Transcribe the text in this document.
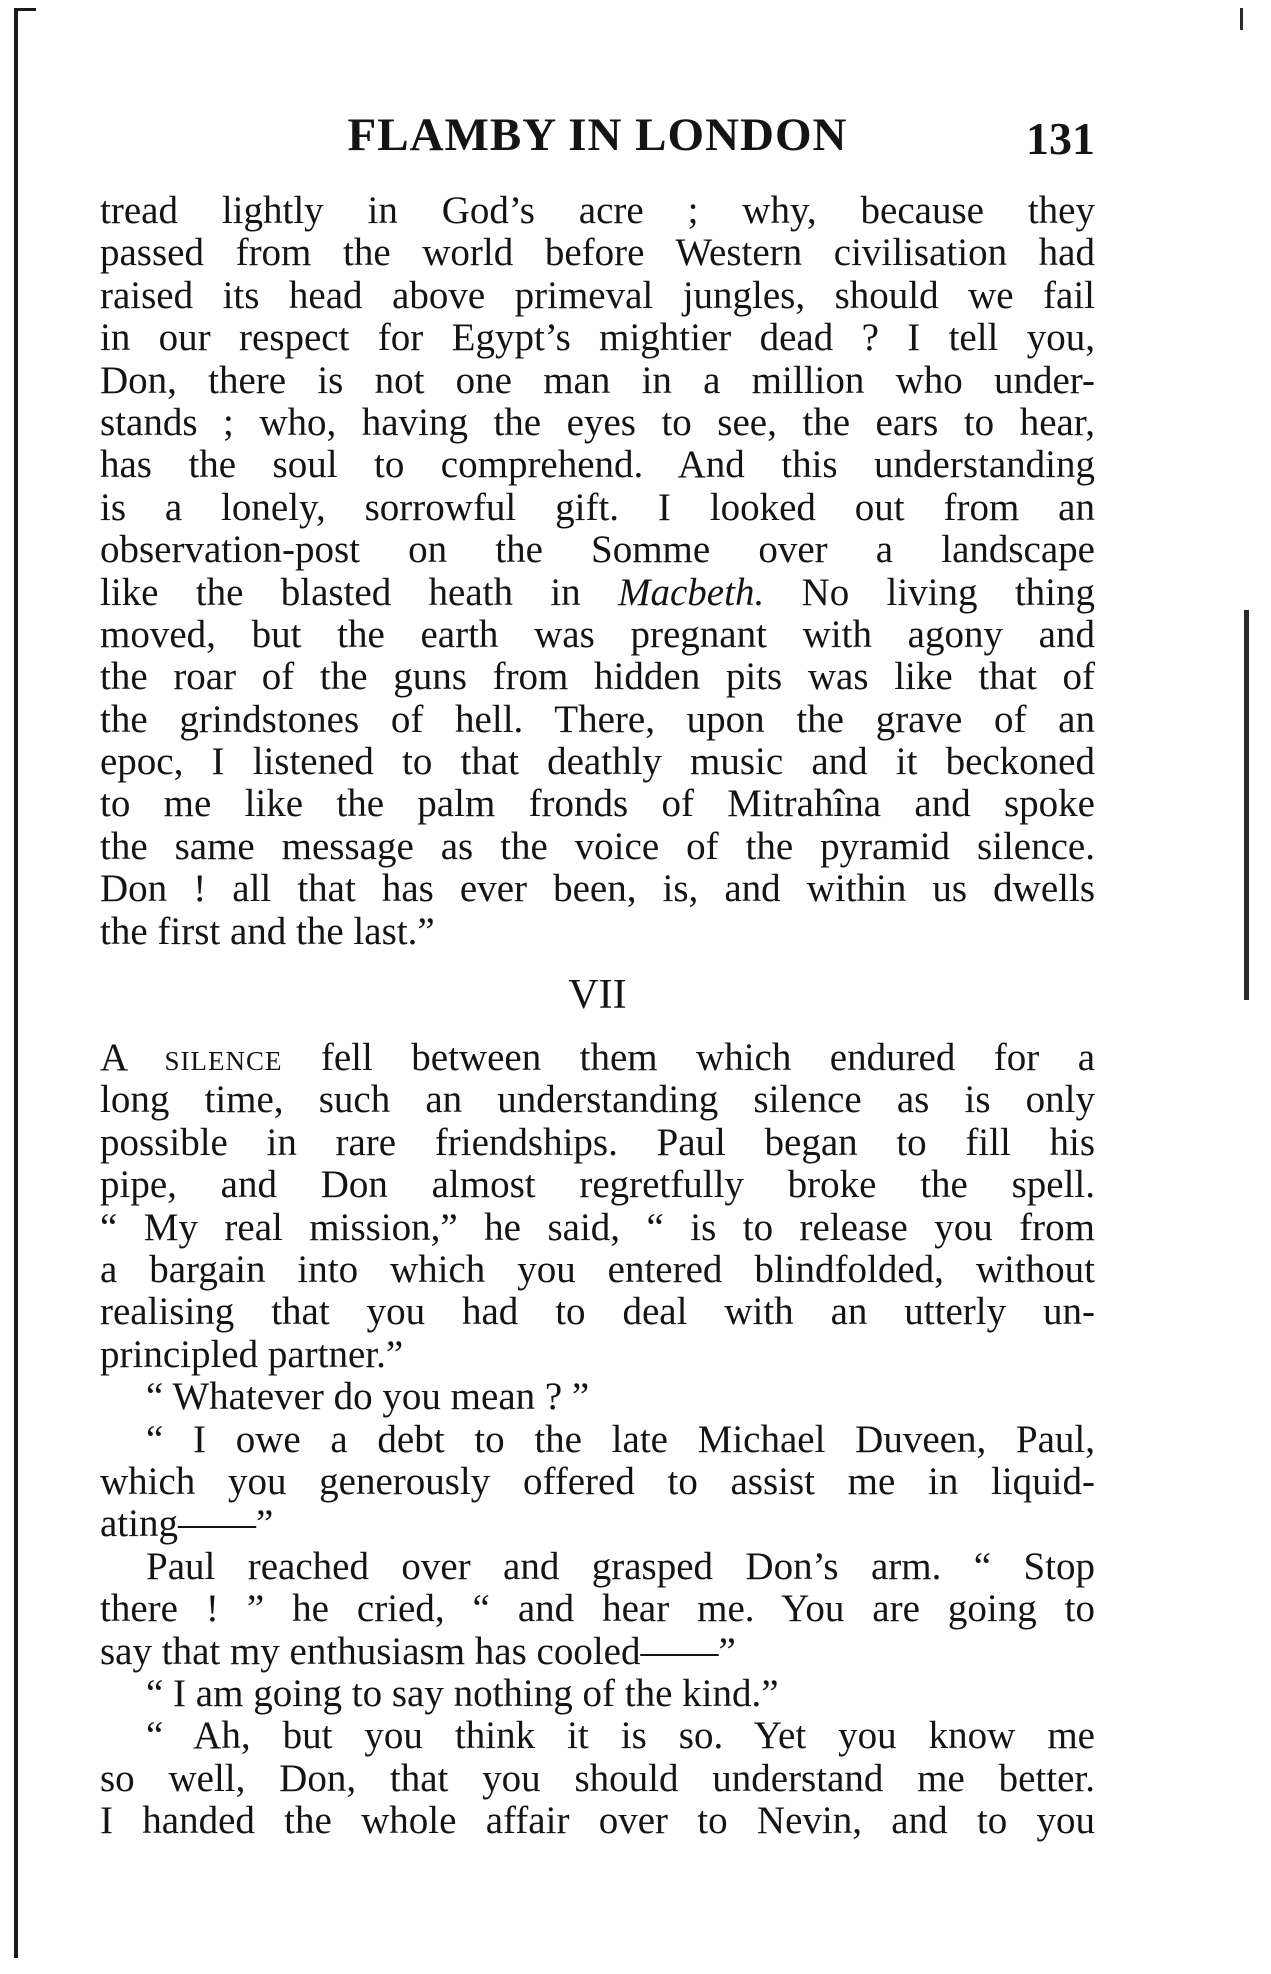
FLAMBY IN LONDON	131
tread lightly in God’s acre ; why, because they
passed from the world before Western civilisation had
raised its head above primeval jungles, should we fail
in our respect for Egypt’s mightier dead ? I tell you,
Don, there is not one man in a million who under-
stands ; who, having the eyes to see, the ears to hear,
has the soul to comprehend. And this understanding
is a lonely, sorrowful gift. I looked out from an
observation-post on the Somme over a landscape
like the blasted heath in Macbeth. No living thing
moved, but the earth was pregnant with agony and
the roar of the guns from hidden pits was like that of
the grindstones of hell. There, upon the grave of an
epoc, I listened to that deathly music and it beckoned
to me like the palm fronds of Mitrahîna and spoke
the same message as the voice of the pyramid silence.
Don ! all that has ever been, is, and within us dwells
the first and the last.”
VII
A silence fell between them which endured for a
long time, such an understanding silence as is only
possible in rare friendships. Paul began to fill his
pipe, and Don almost regretfully broke the spell.
“ My real mission,” he said, “ is to release you from
a bargain into which you entered blindfolded, without
realising that you had to deal with an utterly un-
principled partner.”
“ Whatever do you mean ? ”
“ I owe a debt to the late Michael Duveen, Paul,
which you generously offered to assist me in liquid-
ating——”
Paul reached over and grasped Don’s arm. “ Stop
there ! ” he cried, “ and hear me. You are going to
say that my enthusiasm has cooled——”
“ I am going to say nothing of the kind.”
“ Ah, but you think it is so. Yet you know me
so well, Don, that you should understand me better.
I handed the whole affair over to Nevin, and to you
